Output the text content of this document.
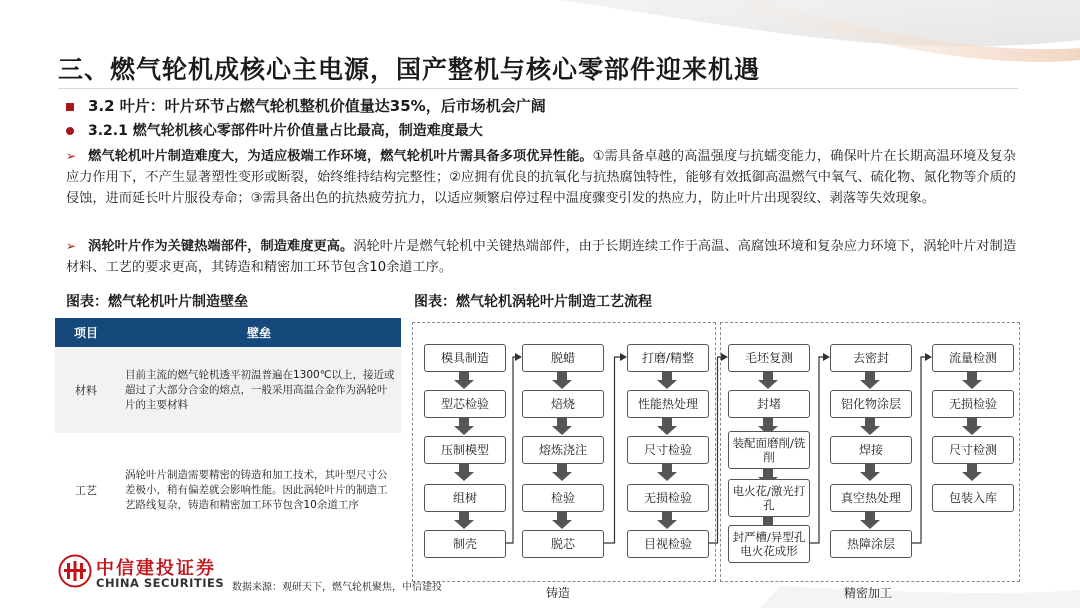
三、燃气轮机成核心主电源，国产整机与核心零部件迎来机遇
3.2 叶片：叶片环节占燃气轮机整机价值量达35%，后市场机会广阔
3.2.1 燃气轮机核心零部件叶片价值量占比最高，制造难度最大
➢ 燃气轮机叶片制造难度大，为适应极端工作环境，燃气轮机叶片需具备多项优异性能。①需具备卓越的高温强度与抗蠕变能力，确保叶片在长期高温环境及复杂应力作用下，不产生显著塑性变形或断裂，始终维持结构完整性；②应拥有优良的抗氧化与抗热腐蚀特性，能够有效抵御高温燃气中氧气、硫化物、氮化物等介质的侵蚀，进而延长叶片服役寿命；③需具备出色的抗热疲劳抗力，以适应频繁启停过程中温度骤变引发的热应力，防止叶片出现裂纹、剥落等失效现象。
➢ 涡轮叶片作为关键热端部件，制造难度更高。涡轮叶片是燃气轮机中关键热端部件，由于长期连续工作于高温、高腐蚀环境和复杂应力环境下，涡轮叶片对制造材料、工艺的要求更高，其铸造和精密加工环节包含10余道工序。
图表：燃气轮机叶片制造壁垒
项目	壁垒
材料	目前主流的燃气轮机透平初温普遍在1300℃以上，接近或超过了大部分合金的熔点，一般采用高温合金作为涡轮叶片的主要材料
工艺	涡轮叶片制造需要精密的铸造和加工技术，其叶型尺寸公差极小，稍有偏差就会影响性能。因此涡轮叶片的制造工艺路线复杂，铸造和精密加工环节包含10余道工序
图表：燃气轮机涡轮叶片制造工艺流程
铸造	精密加工
模具制造
型芯检验
压制模型
组树
制壳
脱蜡
焙烧
熔炼浇注
检验
脱芯
打磨/精整
性能热处理
尺寸检验
无损检验
目视检验
毛坯复测
封堵
装配面磨削/铣削
电火花/激光打孔
封严槽/异型孔电火花成形
去密封
铝化物涂层
焊接
真空热处理
热障涂层
流量检测
无损检验
尺寸检测
包装入库
中信建投证券
CHINA SECURITIES 数据来源：观研天下，燃气轮机聚焦，中信建投
